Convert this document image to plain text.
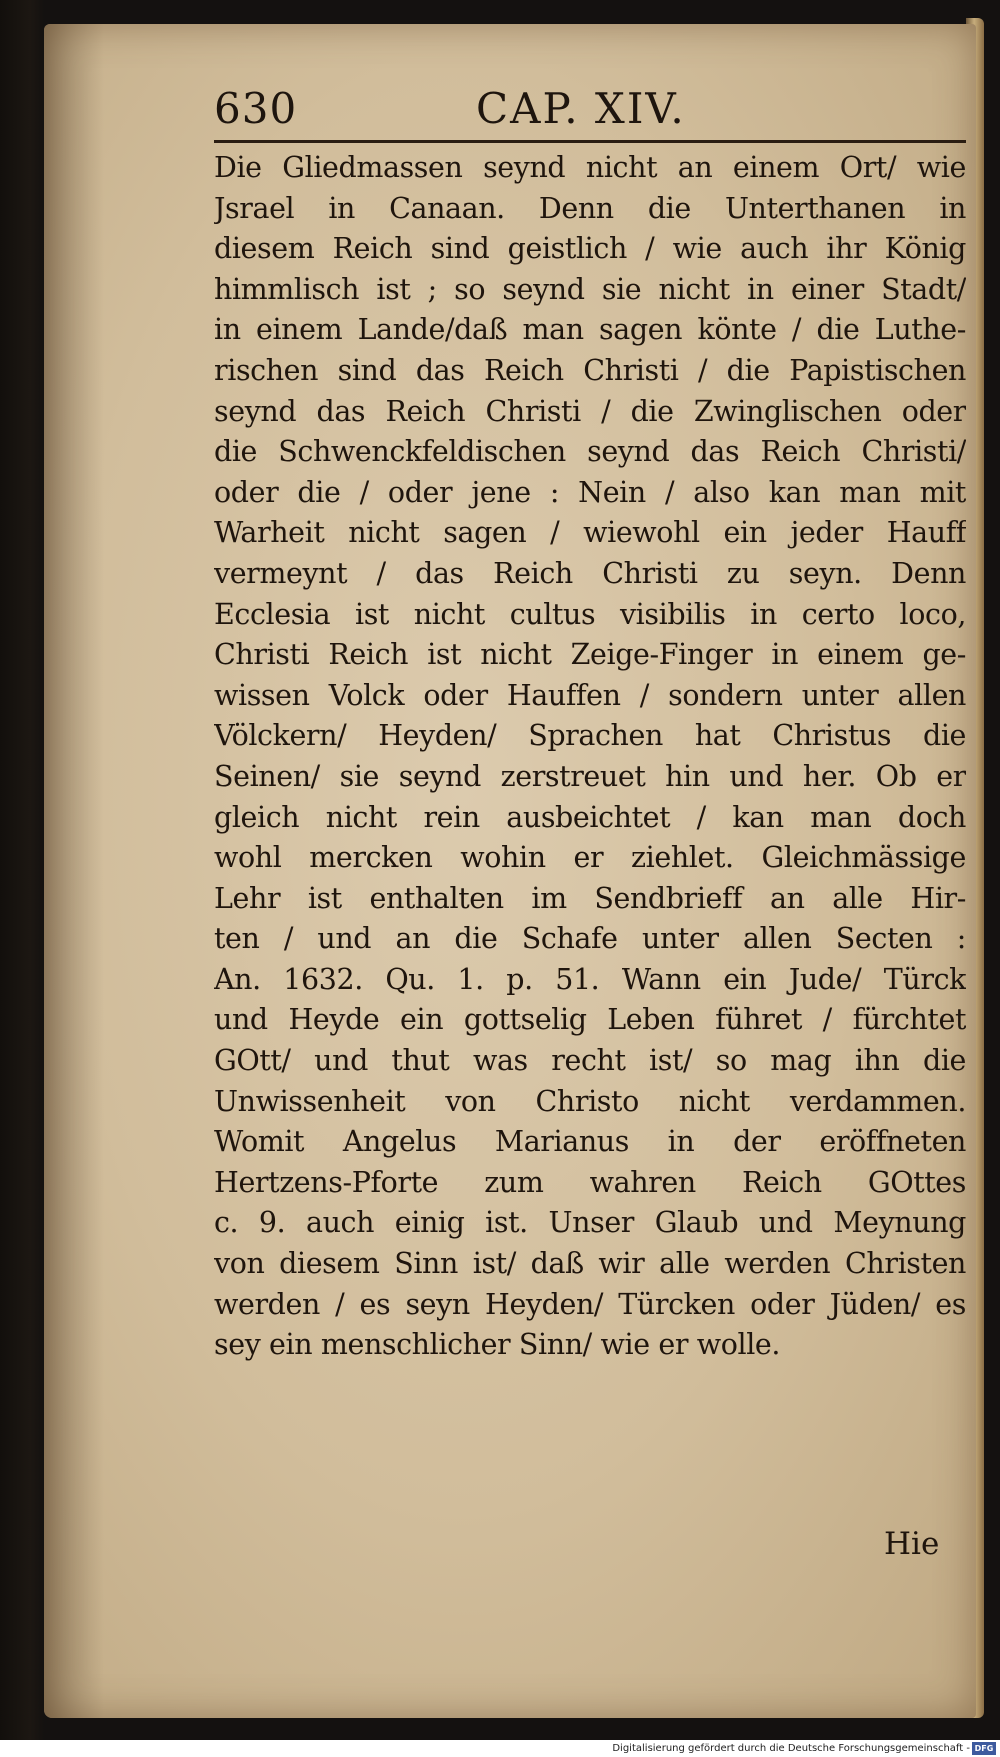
630	CAP. XIV.
Die Gliedmassen seynd nicht an einem Ort/ wie
Jsrael in Canaan. Denn die Unterthanen in
diesem Reich sind geistlich / wie auch ihr König
himmlisch ist ; so seynd sie nicht in einer Stadt/
in einem Lande/daß man sagen könte / die Luthe-
rischen sind das Reich Christi / die Papistischen
seynd das Reich Christi / die Zwinglischen oder
die Schwenckfeldischen seynd das Reich Christi/
oder die / oder jene : Nein / also kan man mit
Warheit nicht sagen / wiewohl ein jeder Hauff
vermeynt / das Reich Christi zu seyn. Denn
Ecclesia ist nicht cultus visibilis in certo loco,
Christi Reich ist nicht Zeige-Finger in einem ge-
wissen Volck oder Hauffen / sondern unter allen
Völckern/ Heyden/ Sprachen hat Christus die
Seinen/ sie seynd zerstreuet hin und her. Ob er
gleich nicht rein ausbeichtet / kan man doch
wohl mercken wohin er ziehlet. Gleichmässige
Lehr ist enthalten im Sendbrieff an alle Hir-
ten / und an die Schafe unter allen Secten :
An. 1632. Qu. 1. p. 51. Wann ein Jude/ Türck
und Heyde ein gottselig Leben führet / fürchtet
GOtt/ und thut was recht ist/ so mag ihn die
Unwissenheit von Christo nicht verdammen.
Womit Angelus Marianus in der eröffneten
Hertzens-Pforte zum wahren Reich GOttes
c. 9. auch einig ist. Unser Glaub und Meynung
von diesem Sinn ist/ daß wir alle werden Christen
werden / es seyn Heyden/ Türcken oder Jüden/ es
sey ein menschlicher Sinn/ wie er wolle.
Hie
Digitalisierung gefördert durch die Deutsche Forschungsgemeinschaft - DFG
